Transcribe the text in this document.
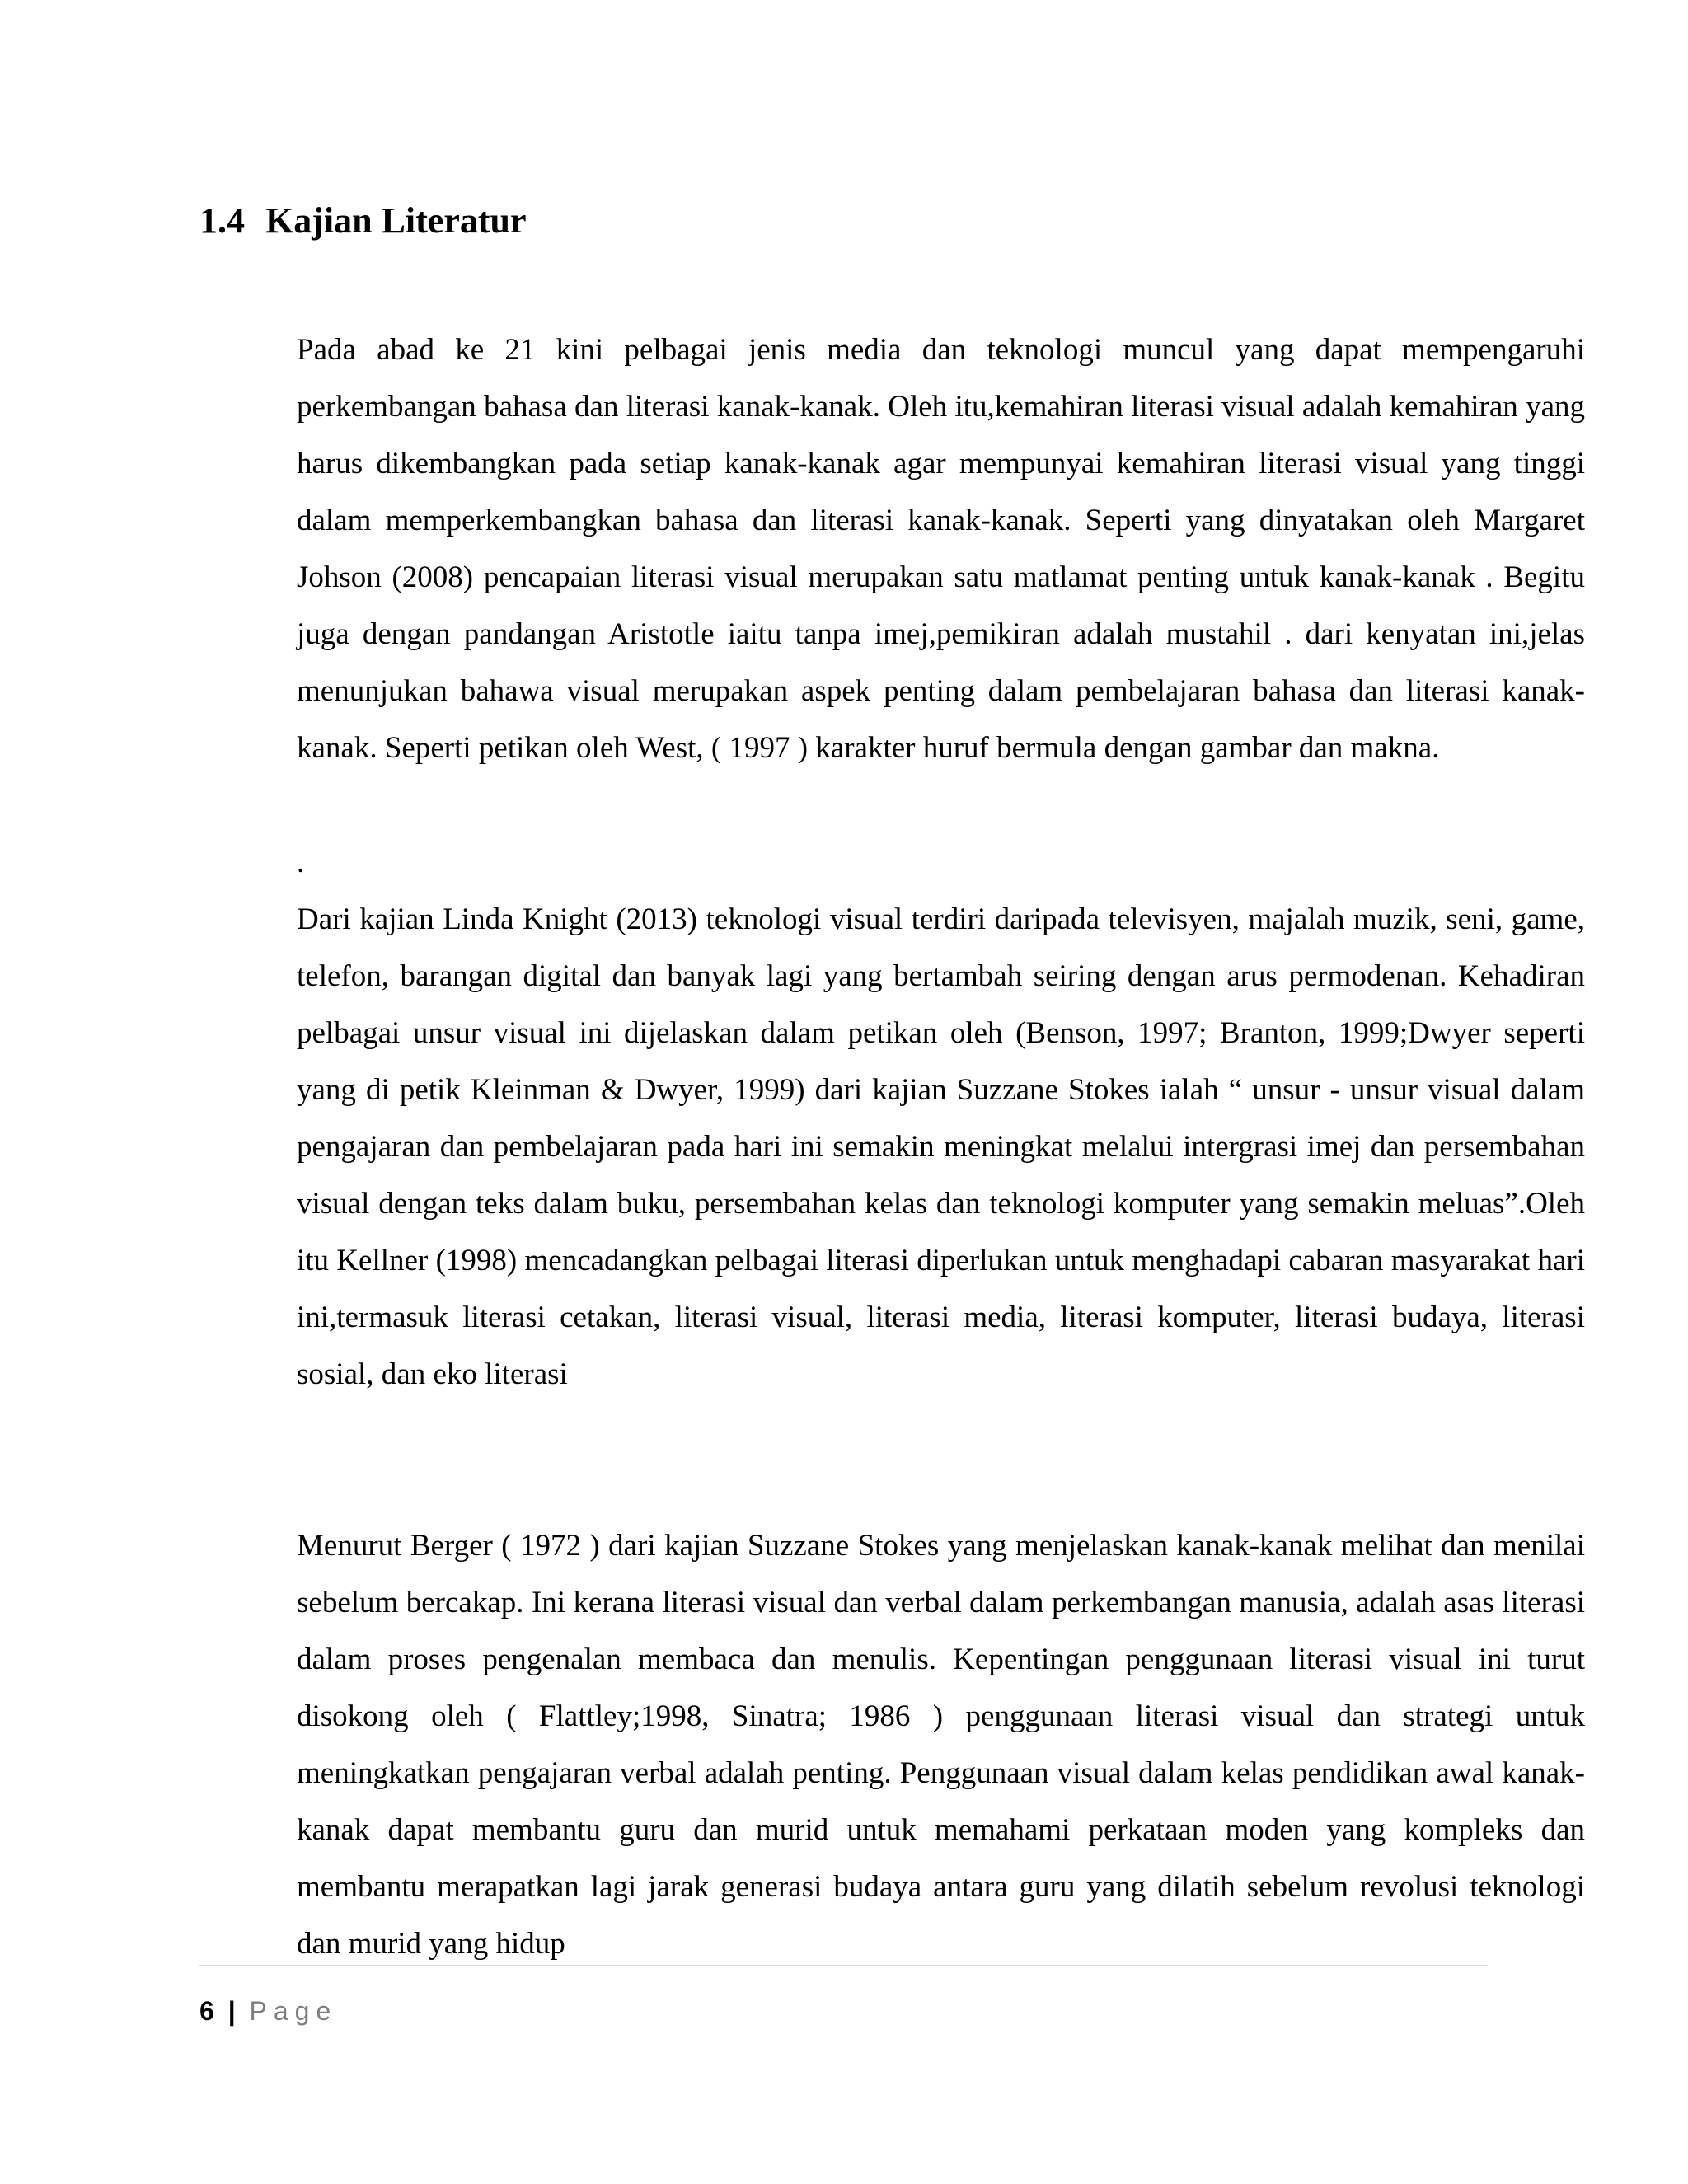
1.4 Kajian Literatur

Pada abad ke 21 kini pelbagai jenis media dan teknologi muncul yang dapat mempengaruhi perkembangan bahasa dan literasi kanak-kanak. Oleh itu,kemahiran literasi visual adalah kemahiran yang harus dikembangkan pada setiap kanak-kanak agar mempunyai kemahiran literasi visual yang tinggi dalam memperkembangkan bahasa dan literasi kanak-kanak. Seperti yang dinyatakan oleh Margaret Johson (2008) pencapaian literasi visual merupakan satu matlamat penting untuk kanak-kanak . Begitu juga dengan pandangan Aristotle iaitu tanpa imej,pemikiran adalah mustahil . dari kenyatan ini,jelas menunjukan bahawa visual merupakan aspek penting dalam pembelajaran bahasa dan literasi kanak-kanak. Seperti petikan oleh West, ( 1997 ) karakter huruf bermula dengan gambar dan makna.

.

Dari kajian Linda Knight (2013) teknologi visual terdiri daripada televisyen, majalah muzik, seni, game, telefon, barangan digital dan banyak lagi yang bertambah seiring dengan arus permodenan. Kehadiran pelbagai unsur visual ini dijelaskan dalam petikan oleh (Benson, 1997; Branton, 1999;Dwyer seperti yang di petik Kleinman & Dwyer, 1999) dari kajian Suzzane Stokes ialah “ unsur - unsur visual dalam pengajaran dan pembelajaran pada hari ini semakin meningkat melalui intergrasi imej dan persembahan visual dengan teks dalam buku, persembahan kelas dan teknologi komputer yang semakin meluas”.Oleh itu Kellner (1998) mencadangkan pelbagai literasi diperlukan untuk menghadapi cabaran masyarakat hari ini,termasuk literasi cetakan, literasi visual, literasi media, literasi komputer, literasi budaya, literasi sosial, dan eko literasi

Menurut Berger ( 1972 ) dari kajian Suzzane Stokes yang menjelaskan kanak-kanak melihat dan menilai sebelum bercakap. Ini kerana literasi visual dan verbal dalam perkembangan manusia, adalah asas literasi dalam proses pengenalan membaca dan menulis. Kepentingan penggunaan literasi visual ini turut disokong oleh ( Flattley;1998, Sinatra; 1986 ) penggunaan literasi visual dan strategi untuk meningkatkan pengajaran verbal adalah penting. Penggunaan visual dalam kelas pendidikan awal kanak-kanak dapat membantu guru dan murid untuk memahami perkataan moden yang kompleks dan membantu merapatkan lagi jarak generasi budaya antara guru yang dilatih sebelum revolusi teknologi dan murid yang hidup

6 | Page
